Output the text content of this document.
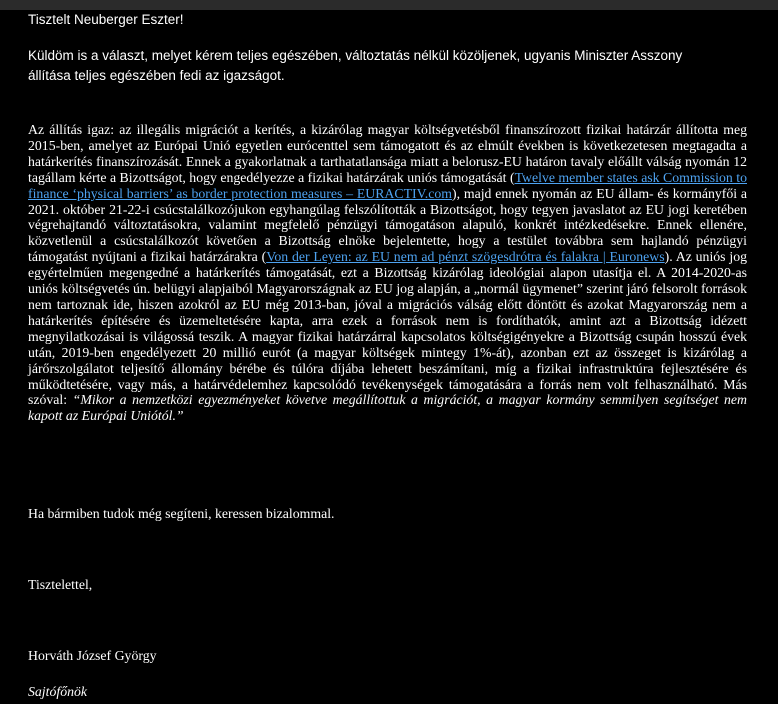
Tisztelt Neuberger Eszter!

Küldöm is a választ, melyet kérem teljes egészében, változtatás nélkül közöljenek, ugyanis Miniszter Asszony állítása teljes egészében fedi az igazságot.

Az állítás igaz: az illegális migrációt a kerítés, a kizárólag magyar költségvetésből finanszírozott fizikai határzár állította meg 2015-ben, amelyet az Európai Unió egyetlen eurócenttel sem támogatott és az elmúlt években is következetesen megtagadta a határkerítés finanszírozását. Ennek a gyakorlatnak a tarthatatlansága miatt a belorusz-EU határon tavaly előállt válság nyomán 12 tagállam kérte a Bizottságot, hogy engedélyezze a fizikai határzárak uniós támogatását (Twelve member states ask Commission to finance ‘physical barriers’ as border protection measures – EURACTIV.com), majd ennek nyomán az EU állam- és kormányfői a 2021. október 21-22-i csúcstalálkozójukon egyhangúlag felszólították a Bizottságot, hogy tegyen javaslatot az EU jogi keretében végrehajtandó változtatásokra, valamint megfelelő pénzügyi támogatáson alapuló, konkrét intézkedésekre. Ennek ellenére, közvetlenül a csúcstalálkozót követően a Bizottság elnöke bejelentette, hogy a testület továbbra sem hajlandó pénzügyi támogatást nyújtani a fizikai határzárakra (Von der Leyen: az EU nem ad pénzt szögesdrótra és falakra | Euronews). Az uniós jog egyértelműen megengedné a határkerítés támogatását, ezt a Bizottság kizárólag ideológiai alapon utasítja el. A 2014-2020-as uniós költségvetés ún. belügyi alapjaiból Magyarországnak az EU jog alapján, a „normál ügymenet” szerint járó felsorolt források nem tartoznak ide, hiszen azokról az EU még 2013-ban, jóval a migrációs válság előtt döntött és azokat Magyarország nem a határkerítés építésére és üzemeltetésére kapta, arra ezek a források nem is fordíthatók, amint azt a Bizottság idézett megnyilatkozásai is világossá teszik. A magyar fizikai határzárral kapcsolatos költségigényekre a Bizottság csupán hosszú évek után, 2019-ben engedélyezett 20 millió eurót (a magyar költségek mintegy 1%-át), azonban ezt az összeget is kizárólag a járőrszolgálatot teljesítő állomány bérébe és túlóra díjába lehetett beszámítani, míg a fizikai infrastruktúra fejlesztésére és működtetésére, vagy más, a határvédelemhez kapcsolódó tevékenységek támogatására a forrás nem volt felhasználható. Más szóval: “Mikor a nemzetközi egyezményeket követve megállítottuk a migrációt, a magyar kormány semmilyen segítséget nem kapott az Európai Uniótól.”

Ha bármiben tudok még segíteni, keressen bizalommal.

Tisztelettel,

Horváth József György

Sajtófőnök
